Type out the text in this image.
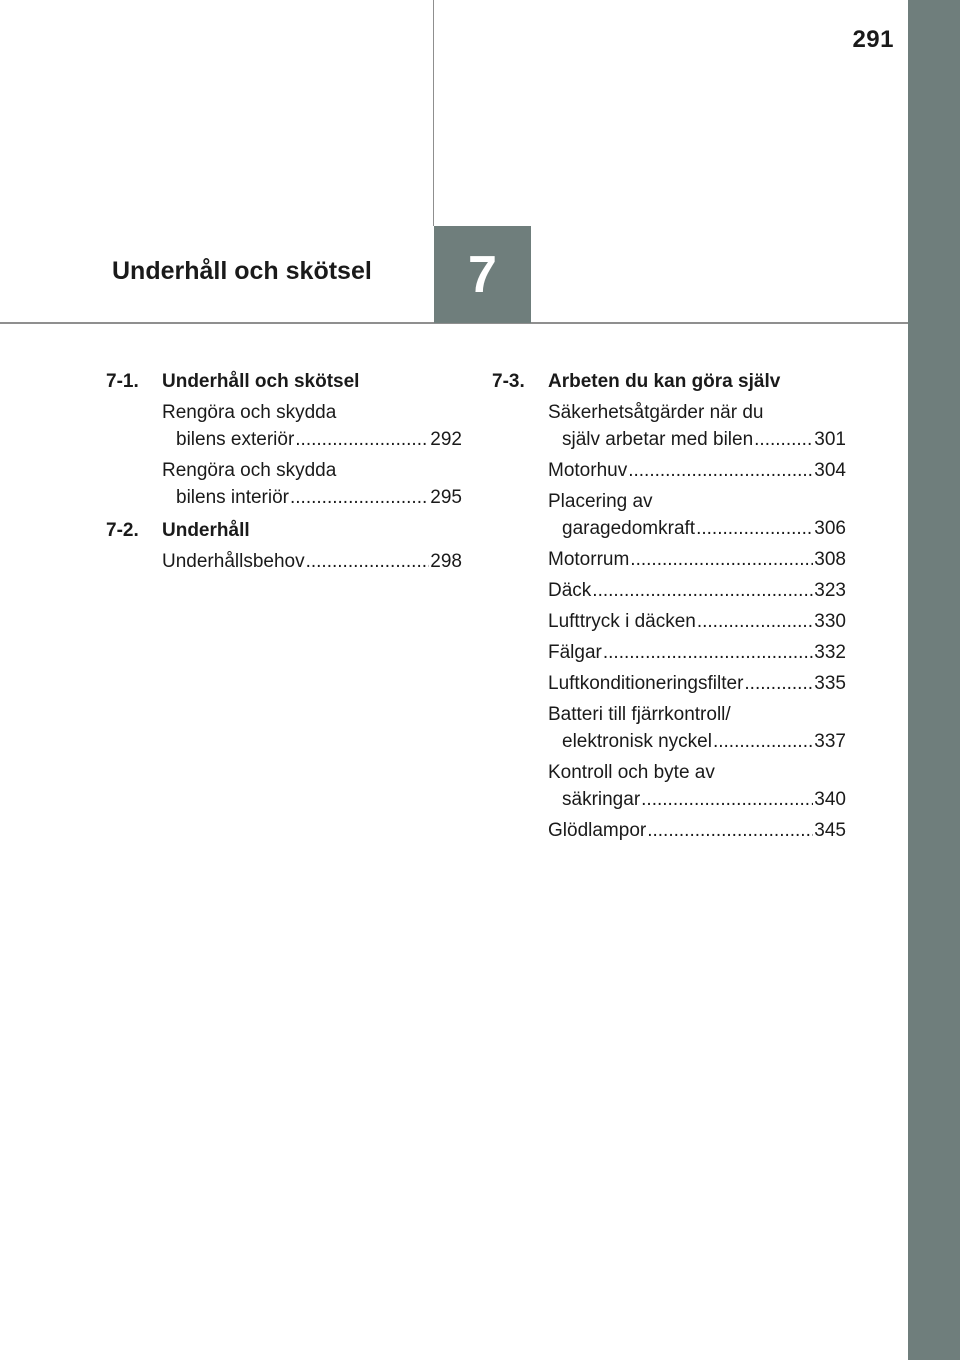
291
7
Underhåll och skötsel
7-1.	Underhåll och skötsel
Rengöra och skydda
bilens exteriör .....	292
Rengöra och skydda
bilens interiör .....	295
7-2.	Underhåll
Underhållsbehov .....	298
7-3.	Arbeten du kan göra själv
Säkerhetsåtgärder när du
själv arbetar med bilen .....	301
Motorhuv .....	304
Placering av
garagedomkraft .....	306
Motorrum .....	308
Däck .....	323
Lufttryck i däcken .....	330
Fälgar .....	332
Luftkonditioneringsfilter .....	335
Batteri till fjärrkontroll/
elektronisk nyckel .....	337
Kontroll och byte av
säkringar .....	340
Glödlampor .....	345
